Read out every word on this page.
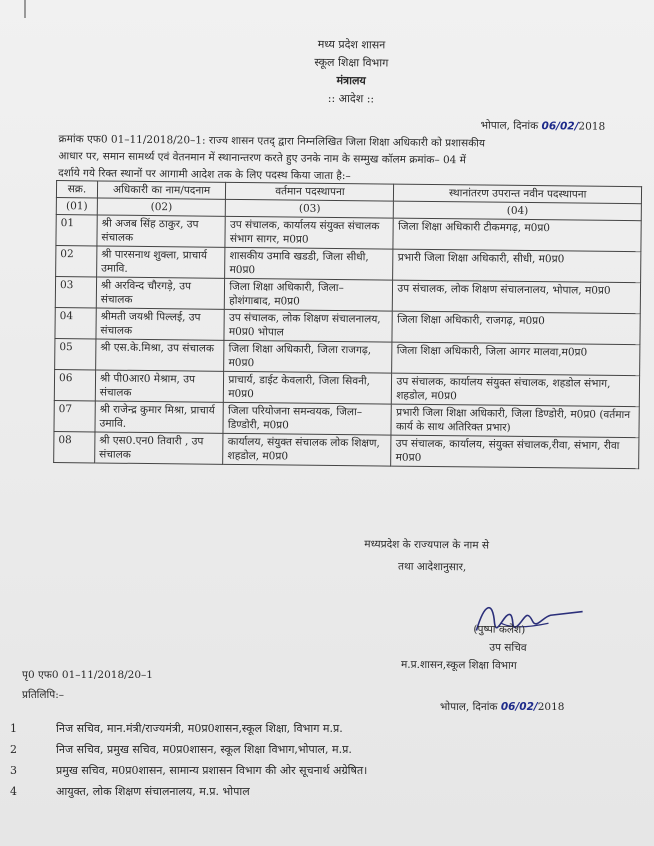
मध्य प्रदेश शासन
स्कूल शिक्षा विभाग
मंत्रालय
:: आदेश ::
भोपाल, दिनांक 06/02/2018
क्रमांक एफ0 01–11/2018/20–1: राज्य शासन एतद् द्वारा निम्नलिखित जिला शिक्षा अधिकारी को प्रशासकीय
आधार पर, समान सामर्थ्य एवं वेतनमान में स्थानान्तरण करते हुए उनके नाम के सम्मुख कॉलम क्रमांक– 04 में
दर्शाये गये रिक्त स्थानों पर आगामी आदेश तक के लिए पदस्थ किया जाता है:–
सक्र.	अधिकारी का नाम/पदनाम	वर्तमान पदस्थापना	स्थानांतरण उपरान्त नवीन पदस्थापना
(01)	(02)	(03)	(04)
01	श्री अजब सिंह ठाकुर, उप संचालक	उप संचालक, कार्यालय संयुक्त संचालक संभाग सागर, म0प्र0	जिला शिक्षा अधिकारी टीकमगढ़, म0प्र0
02	श्री पारसनाथ शुक्ला, प्राचार्य उमावि.	शासकीय उमावि खडडी, जिला सीधी, म0प्र0	प्रभारी जिला शिक्षा अधिकारी, सीधी, म0प्र0
03	श्री अरविन्द चौरगड़े, उप संचालक	जिला शिक्षा अधिकारी, जिला– होशंगाबाद, म0प्र0	उप संचालक, लोक शिक्षण संचालनालय, भोपाल, म0प्र0
04	श्रीमती जयश्री पिल्लई, उप संचालक	उप संचालक, लोक शिक्षण संचालनालय, म0प्र0 भोपाल	जिला शिक्षा अधिकारी, राजगढ़, म0प्र0
05	श्री एस.के.मिश्रा, उप संचालक	जिला शिक्षा अधिकारी, जिला राजगढ़, म0प्र0	जिला शिक्षा अधिकारी, जिला आगर मालवा,म0प्र0
06	श्री पी0आर0 मेश्राम, उप संचालक	प्राचार्य, डाईट केवलारी, जिला सिवनी, म0प्र0	उप संचालक, कार्यालय संयुक्त संचालक, शहडोल संभाग, शहडोल, म0प्र0
07	श्री राजेन्द्र कुमार मिश्रा, प्राचार्य उमावि.	जिला परियोजना समन्वयक, जिला– डिण्डोरी, म0प्र0	प्रभारी जिला शिक्षा अधिकारी, जिला डिण्डोरी, म0प्र0 (वर्तमान कार्य के साथ अतिरिक्त प्रभार)
08	श्री एस0.एन0 तिवारी , उप संचालक	कार्यालय, संयुक्त संचालक लोक शिक्षण, शहडोल, म0प्र0	उप संचालक, कार्यालय, संयुक्त संचालक,रीवा, संभाग, रीवा म0प्र0
मध्यप्रदेश के राज्यपाल के नाम से
तथा आदेशानुसार,
(पुष्पा कलेश)
उप सचिव
म.प्र.शासन,स्कूल शिक्षा विभाग
पृ0 एफ0 01–11/2018/20–1
प्रतिलिपि:–
भोपाल, दिनांक 06/02/2018
1	निज सचिव, मान.मंत्री/राज्यमंत्री, म0प्र0शासन,स्कूल शिक्षा, विभाग म.प्र.
2	निज सचिव, प्रमुख सचिव, म0प्र0शासन, स्कूल शिक्षा विभाग,भोपाल, म.प्र.
3	प्रमुख सचिव, म0प्र0शासन, सामान्य प्रशासन विभाग की ओर सूचनार्थ अग्रेषित।
4	आयुक्त, लोक शिक्षण संचालनालय, म.प्र. भोपाल
